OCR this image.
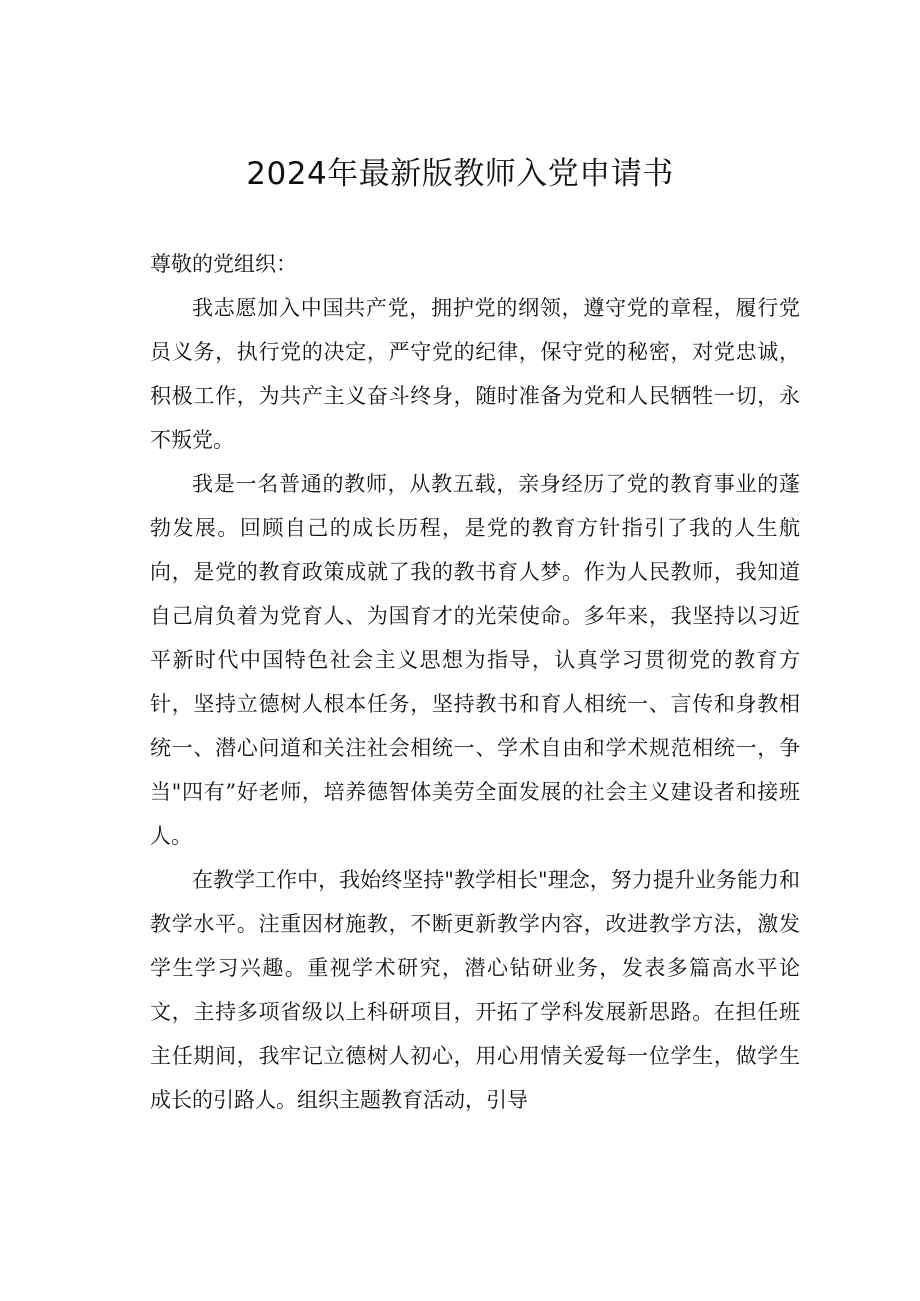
2024年最新版教师入党申请书

尊敬的党组织：

我志愿加入中国共产党，拥护党的纲领，遵守党的章程，履行党员义务，执行党的决定，严守党的纪律，保守党的秘密，对党忠诚，积极工作，为共产主义奋斗终身，随时准备为党和人民牺牲一切，永不叛党。

我是一名普通的教师，从教五载，亲身经历了党的教育事业的蓬勃发展。回顾自己的成长历程，是党的教育方针指引了我的人生航向，是党的教育政策成就了我的教书育人梦。作为人民教师，我知道自己肩负着为党育人、为国育才的光荣使命。多年来，我坚持以习近平新时代中国特色社会主义思想为指导，认真学习贯彻党的教育方针，坚持立德树人根本任务，坚持教书和育人相统一、言传和身教相统一、潜心问道和关注社会相统一、学术自由和学术规范相统一，争当"四有”好老师，培养德智体美劳全面发展的社会主义建设者和接班人。

在教学工作中，我始终坚持"教学相长"理念，努力提升业务能力和教学水平。注重因材施教，不断更新教学内容，改进教学方法，激发学生学习兴趣。重视学术研究，潜心钻研业务，发表多篇高水平论文，主持多项省级以上科研项目，开拓了学科发展新思路。在担任班主任期间，我牢记立德树人初心，用心用情关爱每一位学生，做学生成长的引路人。组织主题教育活动，引导
